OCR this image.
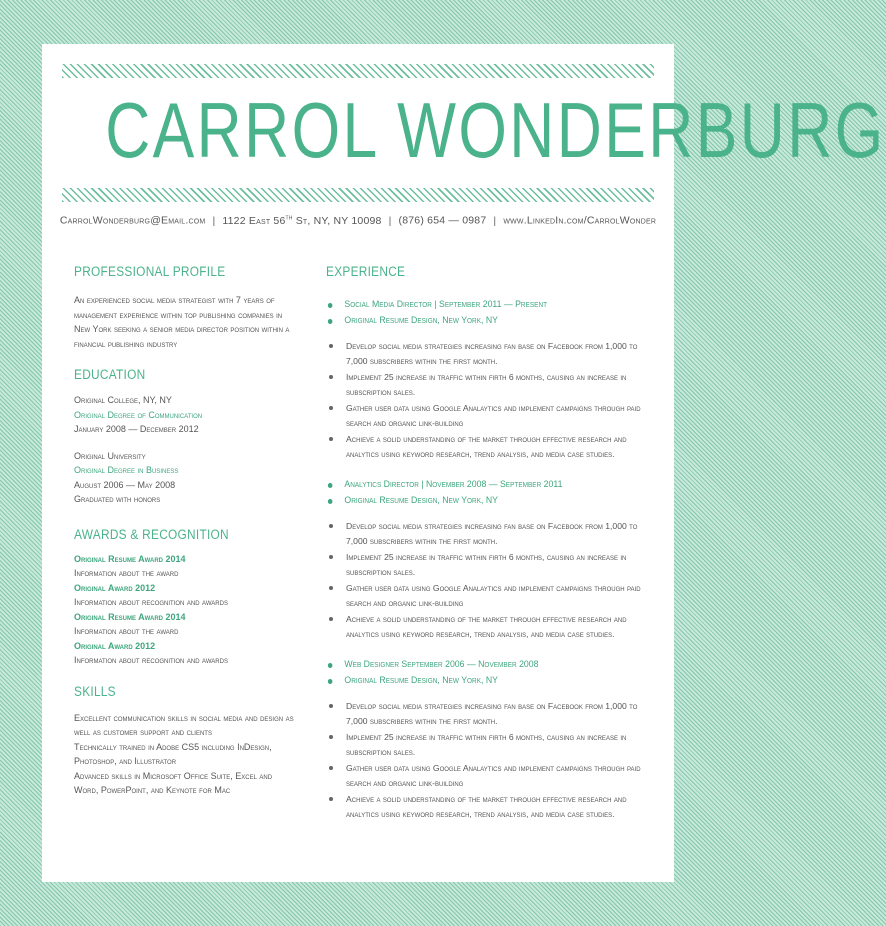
CARROL WONDERBURG
CarrolWonderburg@Email.com | 1122 East 56th St, NY, NY 10098 | (876) 654 — 0987 | www.LinkedIn.com/CarrolWonder
PROFESSIONAL PROFILE
An experienced social media strategist with 7 years of management experience within top publishing companies in New York seeking a senior media director position within a financial publishing industry
EDUCATION
Original College, NY, NY
Original Degree of Communication
January 2008 — December 2012
Original University
Original Degree in Business
August 2006 — May 2008
Graduated with honors
AWARDS & RECOGNITION
Original Resume Award 2014
Information about the award
Original Award 2012
Information about recognition and awards
Original Resume Award 2014
Information about the award
Original Award 2012
Information about recognition and awards
SKILLS
Excellent communication skills in social media and design as well as customer support and clients
Technically trained in Adobe CS5 including InDesign, Photoshop, and Illustrator
Advanced skills in Microsoft Office Suite, Excel and Word, PowerPoint, and Keynote for Mac
EXPERIENCE
Social Media Director | September 2011 — Present
Original Resume Design, New York, NY
Develop social media strategies increasing fan base on Facebook from 1,000 to 7,000 subscribers within the first month.
Implement 25 increase in traffic within firth 6 months, causing an increase in subscription sales.
Gather user data using Google Analaytics and implement campaigns through paid search and organic link-building
Achieve a solid understanding of the market through effective research and analytics using keyword research, trend analysis, and media case studies.
Analytics Director | November 2008 — September 2011
Original Resume Design, New York, NY
Develop social media strategies increasing fan base on Facebook from 1,000 to 7,000 subscribers within the first month.
Implement 25 increase in traffic within firth 6 months, causing an increase in subscription sales.
Gather user data using Google Analaytics and implement campaigns through paid search and organic link-building
Achieve a solid understanding of the market through effective research and analytics using keyword research, trend analysis, and media case studies.
Web Designer September 2006 — November 2008
Original Resume Design, New York, NY
Develop social media strategies increasing fan base on Facebook from 1,000 to 7,000 subscribers within the first month.
Implement 25 increase in traffic within firth 6 months, causing an increase in subscription sales.
Gather user data using Google Analaytics and implement campaigns through paid search and organic link-building
Achieve a solid understanding of the market through effective research and analytics using keyword research, trend analysis, and media case studies.
